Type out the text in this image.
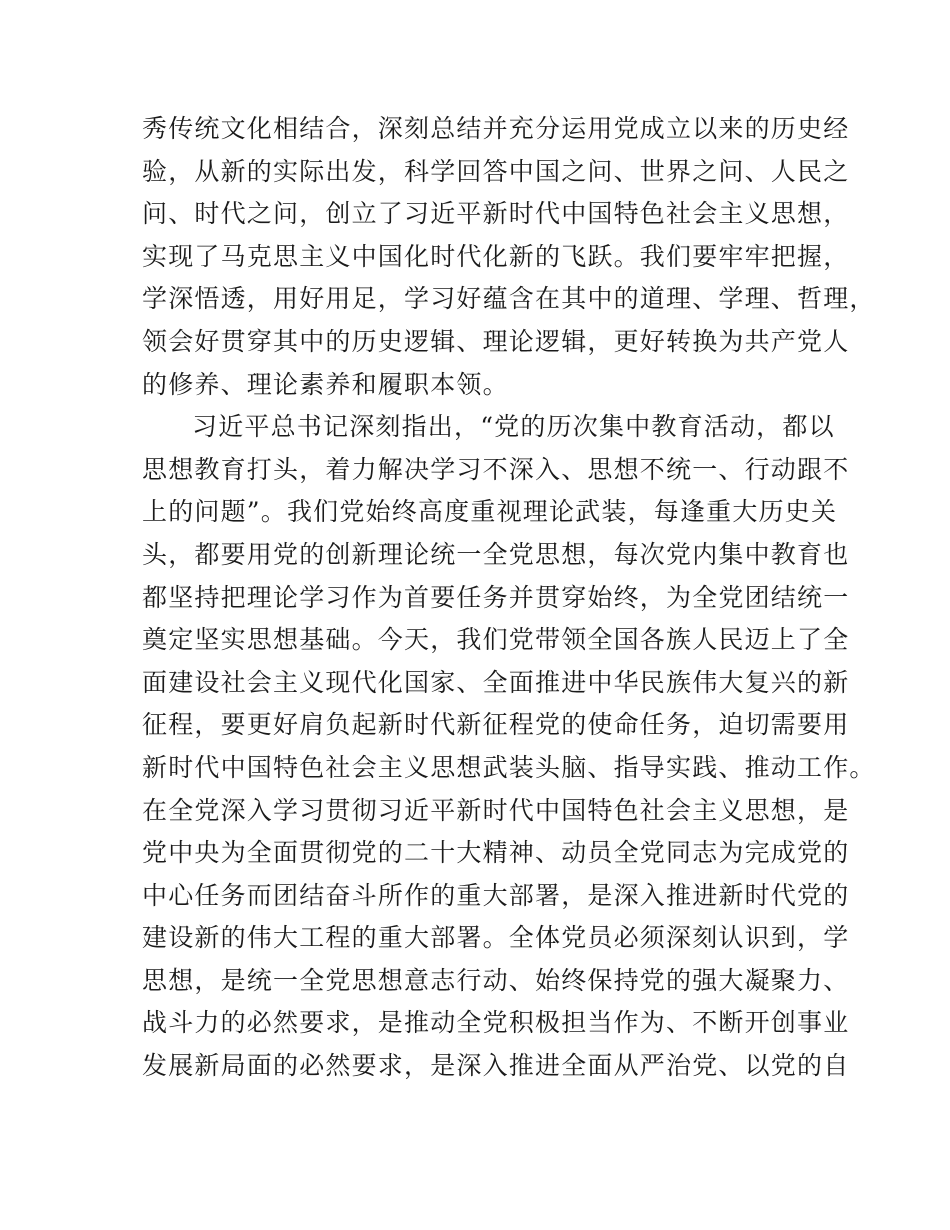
秀传统文化相结合，深刻总结并充分运用党成立以来的历史经
验，从新的实际出发，科学回答中国之问、世界之问、人民之
问、时代之问，创立了习近平新时代中国特色社会主义思想，
实现了马克思主义中国化时代化新的飞跃。我们要牢牢把握，
学深悟透，用好用足，学习好蕴含在其中的道理、学理、哲理，
领会好贯穿其中的历史逻辑、理论逻辑，更好转换为共产党人
的修养、理论素养和履职本领。
习近平总书记深刻指出，“党的历次集中教育活动，都以
思想教育打头，着力解决学习不深入、思想不统一、行动跟不
上的问题”。我们党始终高度重视理论武装，每逢重大历史关
头，都要用党的创新理论统一全党思想，每次党内集中教育也
都坚持把理论学习作为首要任务并贯穿始终，为全党团结统一
奠定坚实思想基础。今天，我们党带领全国各族人民迈上了全
面建设社会主义现代化国家、全面推进中华民族伟大复兴的新
征程，要更好肩负起新时代新征程党的使命任务，迫切需要用
新时代中国特色社会主义思想武装头脑、指导实践、推动工作。
在全党深入学习贯彻习近平新时代中国特色社会主义思想，是
党中央为全面贯彻党的二十大精神、动员全党同志为完成党的
中心任务而团结奋斗所作的重大部署，是深入推进新时代党的
建设新的伟大工程的重大部署。全体党员必须深刻认识到，学
思想，是统一全党思想意志行动、始终保持党的强大凝聚力、
战斗力的必然要求，是推动全党积极担当作为、不断开创事业
发展新局面的必然要求，是深入推进全面从严治党、以党的自
